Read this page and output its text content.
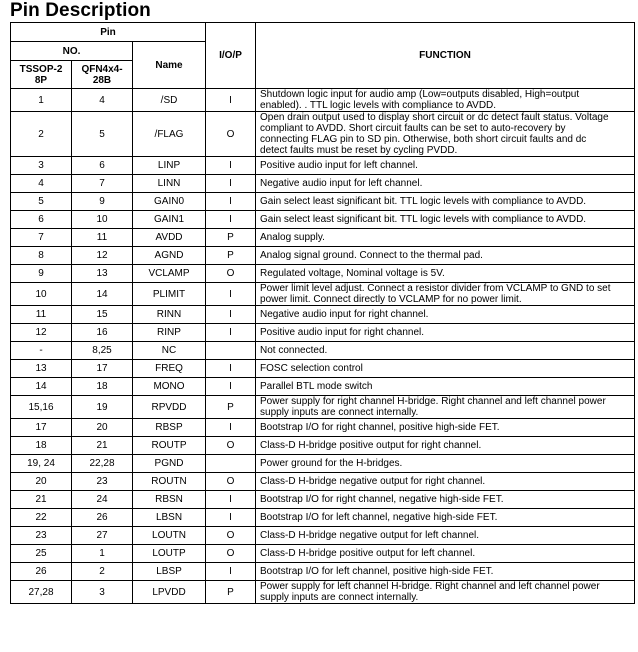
Pin Description
Pin			I/O/P	FUNCTION
NO.		Name		
TSSOP-2
8P	QFN4x4-
28B			
1	4	/SD	I	Shutdown logic input for audio amp (Low=outputs disabled, High=output
enabled). . TTL logic levels with compliance to AVDD.

2	5	/FLAG	O	Open drain output used to display short circuit or dc detect fault status. Voltage
compliant to AVDD. Short circuit faults can be set to auto-recovery by
connecting FLAG pin to SD pin. Otherwise, both short circuit faults and dc
detect faults must be reset by cycling PVDD.

3	6	LINP	I	Positive audio input for left channel.

4	7	LINN	I	Negative audio input for left channel.

5	9	GAIN0	I	Gain select least significant bit. TTL logic levels with compliance to AVDD.

6	10	GAIN1	I	Gain select least significant bit. TTL logic levels with compliance to AVDD.

7	11	AVDD	P	Analog supply.

8	12	AGND	P	Analog signal ground. Connect to the thermal pad.

9	13	VCLAMP	O	Regulated voltage, Nominal voltage is 5V.

10	14	PLIMIT	I	Power limit level adjust. Connect a resistor divider from VCLAMP to GND to set
power limit. Connect directly to VCLAMP for no power limit.

11	15	RINN	I	Negative audio input for right channel.

12	16	RINP	I	Positive audio input for right channel.

-	8,25	NC		Not connected.

13	17	FREQ	I	FOSC selection control

14	18	MONO	I	Parallel BTL mode switch

15,16	19	RPVDD	P	Power supply for right channel H-bridge. Right channel and left channel power
supply inputs are connect internally.

17	20	RBSP	I	Bootstrap I/O for right channel, positive high-side FET.

18	21	ROUTP	O	Class-D H-bridge positive output for right channel.

19, 24	22,28	PGND		Power ground for the H-bridges.

20	23	ROUTN	O	Class-D H-bridge negative output for right channel.

21	24	RBSN	I	Bootstrap I/O for right channel, negative high-side FET.

22	26	LBSN	I	Bootstrap I/O for left channel, negative high-side FET.

23	27	LOUTN	O	Class-D H-bridge negative output for left channel.

25	1	LOUTP	O	Class-D H-bridge positive output for left channel.

26	2	LBSP	I	Bootstrap I/O for left channel, positive high-side FET.

27,28	3	LPVDD	P	Power supply for left channel H-bridge. Right channel and left channel power
supply inputs are connect internally.
